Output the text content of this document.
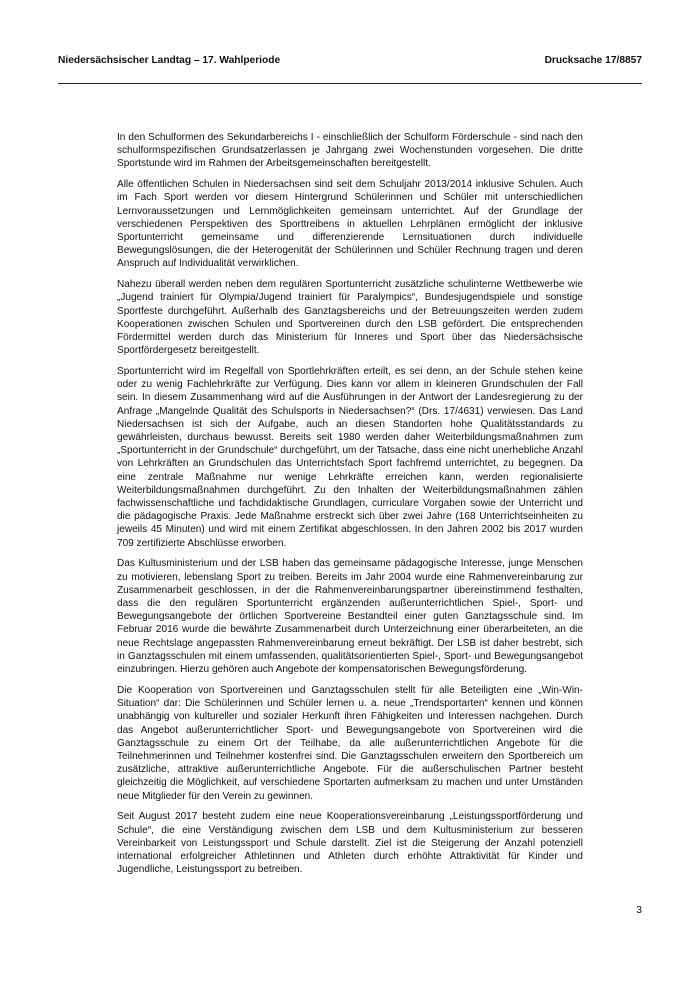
Niedersächsischer Landtag – 17. Wahlperiode	Drucksache 17/8857

In den Schulformen des Sekundarbereichs I - einschließlich der Schulform Förderschule - sind nach den schulformspezifischen Grundsatzerlassen je Jahrgang zwei Wochenstunden vorgesehen. Die dritte Sportstunde wird im Rahmen der Arbeitsgemeinschaften bereitgestellt.

Alle öffentlichen Schulen in Niedersachsen sind seit dem Schuljahr 2013/2014 inklusive Schulen. Auch im Fach Sport werden vor diesem Hintergrund Schülerinnen und Schüler mit unterschiedlichen Lernvoraussetzungen und Lernmöglichkeiten gemeinsam unterrichtet. Auf der Grundlage der verschiedenen Perspektiven des Sporttreibens in aktuellen Lehrplänen ermöglicht der inklusive Sportunterricht gemeinsame und differenzierende Lernsituationen durch individuelle Bewegungslösungen, die der Heterogenität der Schülerinnen und Schüler Rechnung tragen und deren Anspruch auf Individualität verwirklichen.

Nahezu überall werden neben dem regulären Sportunterricht zusätzliche schulinterne Wettbewerbe wie „Jugend trainiert für Olympia/Jugend trainiert für Paralympics“, Bundesjugendspiele und sonstige Sportfeste durchgeführt. Außerhalb des Ganztagsbereichs und der Betreuungszeiten werden zudem Kooperationen zwischen Schulen und Sportvereinen durch den LSB gefördert. Die entsprechenden Fördermittel werden durch das Ministerium für Inneres und Sport über das Niedersächsische Sportfördergesetz bereitgestellt.

Sportunterricht wird im Regelfall von Sportlehrkräften erteilt, es sei denn, an der Schule stehen keine oder zu wenig Fachlehrkräfte zur Verfügung. Dies kann vor allem in kleineren Grundschulen der Fall sein. In diesem Zusammenhang wird auf die Ausführungen in der Antwort der Landesregierung zu der Anfrage „Mangelnde Qualität des Schulsports in Niedersachsen?“ (Drs. 17/4631) verwiesen. Das Land Niedersachsen ist sich der Aufgabe, auch an diesen Standorten hohe Qualitätsstandards zu gewährleisten, durchaus bewusst. Bereits seit 1980 werden daher Weiterbildungsmaßnahmen zum „Sportunterricht in der Grundschule“ durchgeführt, um der Tatsache, dass eine nicht unerhebliche Anzahl von Lehrkräften an Grundschulen das Unterrichtsfach Sport fachfremd unterrichtet, zu begegnen. Da eine zentrale Maßnahme nur wenige Lehrkräfte erreichen kann, werden regionalisierte Weiterbildungsmaßnahmen durchgeführt. Zu den Inhalten der Weiterbildungsmaßnahmen zählen fachwissenschaftliche und fachdidaktische Grundlagen, curriculare Vorgaben sowie der Unterricht und die pädagogische Praxis. Jede Maßnahme erstreckt sich über zwei Jahre (168 Unterrichtseinheiten zu jeweils 45 Minuten) und wird mit einem Zertifikat abgeschlossen. In den Jahren 2002 bis 2017 wurden 709 zertifizierte Abschlüsse erworben.

Das Kultusministerium und der LSB haben das gemeinsame pädagogische Interesse, junge Menschen zu motivieren, lebenslang Sport zu treiben. Bereits im Jahr 2004 wurde eine Rahmenvereinbarung zur Zusammenarbeit geschlossen, in der die Rahmenvereinbarungspartner übereinstimmend festhalten, dass die den regulären Sportunterricht ergänzenden außerunterrichtlichen Spiel-, Sport- und Bewegungsangebote der örtlichen Sportvereine Bestandteil einer guten Ganztagsschule sind. Im Februar 2016 wurde die bewährte Zusammenarbeit durch Unterzeichnung einer überarbeiteten, an die neue Rechtslage angepassten Rahmenvereinbarung erneut bekräftigt. Der LSB ist daher bestrebt, sich in Ganztagsschulen mit einem umfassenden, qualitätsorientierten Spiel-, Sport- und Bewegungsangebot einzubringen. Hierzu gehören auch Angebote der kompensatorischen Bewegungsförderung.

Die Kooperation von Sportvereinen und Ganztagsschulen stellt für alle Beteiligten eine „Win-Win-Situation“ dar: Die Schülerinnen und Schüler lernen u. a. neue „Trendsportarten“ kennen und können unabhängig von kultureller und sozialer Herkunft ihren Fähigkeiten und Interessen nachgehen. Durch das Angebot außerunterrichtlicher Sport- und Bewegungsangebote von Sportvereinen wird die Ganztagsschule zu einem Ort der Teilhabe, da alle außerunterrichtlichen Angebote für die Teilnehmerinnen und Teilnehmer kostenfrei sind. Die Ganztagsschulen erweitern den Sportbereich um zusätzliche, attraktive außerunterrichtliche Angebote. Für die außerschulischen Partner besteht gleichzeitig die Möglichkeit, auf verschiedene Sportarten aufmerksam zu machen und unter Umständen neue Mitglieder für den Verein zu gewinnen.

Seit August 2017 besteht zudem eine neue Kooperationsvereinbarung „Leistungssportförderung und Schule“, die eine Verständigung zwischen dem LSB und dem Kultusministerium zur besseren Vereinbarkeit von Leistungssport und Schule darstellt. Ziel ist die Steigerung der Anzahl potenziell international erfolgreicher Athletinnen und Athleten durch erhöhte Attraktivität für Kinder und Jugendliche, Leistungssport zu betreiben.

3
